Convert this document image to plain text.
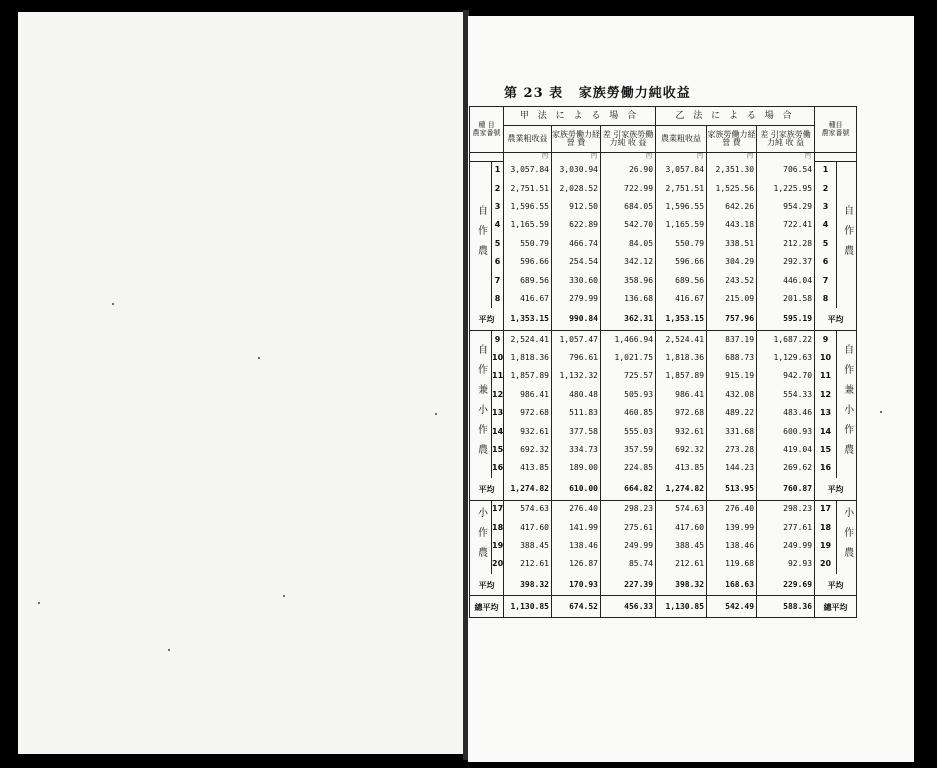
第 23 表 家族勞働力純收益
種 目
農家番號		甲 法 に よ る 場 合			乙 法 に よ る 場 合			種目
農家番號	
		農業粗收益	家族勞働力経 營 費	差 引家族勞働力純 收 益	農業粗收益	家族勞働力経 營 費	差 引家族勞働力純 收 益		
		円	円	円	円	円	円		
自作農	1	3,057.84	3,030.94	26.90	3,057.84	2,351.30	706.54	1	自作農
	2	2,751.51	2,028.52	722.99	2,751.51	1,525.56	1,225.95	2	
	3	1,596.55	912.50	684.05	1,596.55	642.26	954.29	3	
	4	1,165.59	622.89	542.70	1,165.59	443.18	722.41	4	
	5	550.79	466.74	84.05	550.79	338.51	212.28	5	
	6	596.66	254.54	342.12	596.66	304.29	292.37	6	
	7	689.56	330.60	358.96	689.56	243.52	446.04	7	
	8	416.67	279.99	136.68	416.67	215.09	201.58	8	
平均		1,353.15	990.84	362.31	1,353.15	757.96	595.19	平均	
自作兼小作農	9	2,524.41	1,057.47	1,466.94	2,524.41	837.19	1,687.22	9	自作兼小作農
	10	1,818.36	796.61	1,021.75	1,818.36	688.73	1,129.63	10	
	11	1,857.89	1,132.32	725.57	1,857.89	915.19	942.70	11	
	12	986.41	480.48	505.93	986.41	432.08	554.33	12	
	13	972.68	511.83	460.85	972.68	489.22	483.46	13	
	14	932.61	377.58	555.03	932.61	331.68	600.93	14	
	15	692.32	334.73	357.59	692.32	273.28	419.04	15	
	16	413.85	189.00	224.85	413.85	144.23	269.62	16	
平均		1,274.82	610.00	664.82	1,274.82	513.95	760.87	平均	
小作農	17	574.63	276.40	298.23	574.63	276.40	298.23	17	小作農
	18	417.60	141.99	275.61	417.60	139.99	277.61	18	
	19	388.45	138.46	249.99	388.45	138.46	249.99	19	
	20	212.61	126.87	85.74	212.61	119.68	92.93	20	
平均		398.32	170.93	227.39	398.32	168.63	229.69	平均	
總平均		1,130.85	674.52	456.33	1,130.85	542.49	588.36	總平均	
